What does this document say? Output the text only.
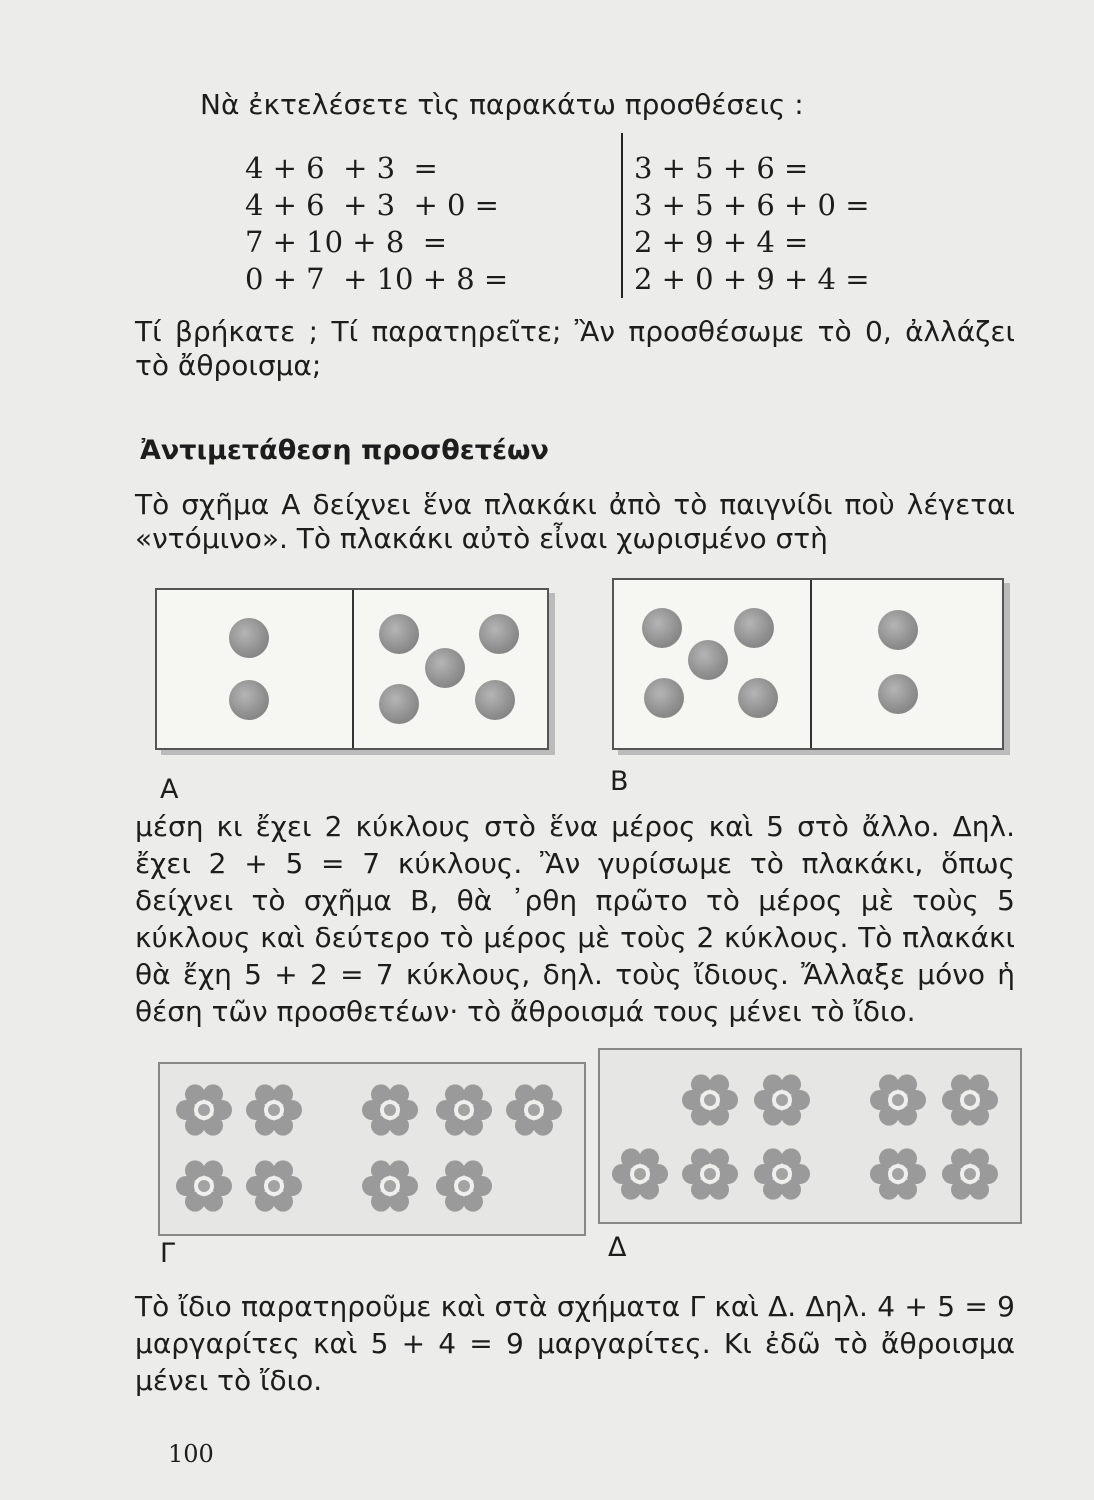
Νὰ ἐκτελέσετε τὶς παρακάτω προσθέσεις :
4 + 6  + 3  =
4 + 6  + 3  + 0 =
7 + 10 + 8  =
0 + 7  + 10 + 8 =
3 + 5 + 6 =
3 + 5 + 6 + 0 =
2 + 9 + 4 =
2 + 0 + 9 + 4 =
Τί βρήκατε ; Τί παρατηρεῖτε; Ἂν προσθέσωμε τὸ 0, ἀλλάζει τὸ ἄθροισμα;
Ἀντιμετάθεση προσθετέων
Τὸ σχῆμα Α δείχνει ἕνα πλακάκι ἀπὸ τὸ παιγνίδι ποὺ λέγεται «ντόμινο». Τὸ πλακάκι αὐτὸ εἶναι χωρισμένο στὴ
Α	Β
μέση κι ἔχει 2 κύκλους στὸ ἕνα μέρος καὶ 5 στὸ ἄλλο. Δηλ. ἔχει 2 + 5 = 7 κύκλους. Ἂν γυρίσωμε τὸ πλακάκι, ὅπως δείχνει τὸ σχῆμα Β, θὰ ᾿ρθη πρῶτο τὸ μέρος μὲ τοὺς 5 κύκλους καὶ δεύτερο τὸ μέρος μὲ τοὺς 2 κύκλους. Τὸ πλακάκι θὰ ἔχη 5 + 2 = 7 κύκλους, δηλ. τοὺς ἴδιους. Ἄλλαξε μόνο ἡ θέση τῶν προσθετέων· τὸ ἄθροισμά τους μένει τὸ ἴδιο.
Γ	Δ
Τὸ ἴδιο παρατηροῦμε καὶ στὰ σχήματα Γ καὶ Δ. Δηλ. 4 + 5 = 9 μαργαρίτες καὶ 5 + 4 = 9 μαργαρίτες. Κι ἐδῶ τὸ ἄθροισμα μένει τὸ ἴδιο.
100
